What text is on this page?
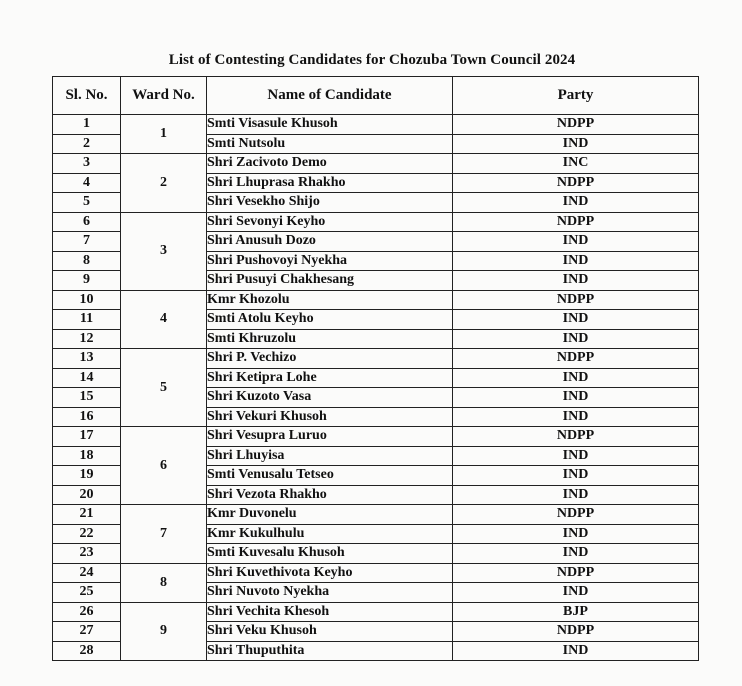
List of Contesting Candidates for Chozuba Town Council 2024
Sl. No.	Ward No.	Name of Candidate	Party
1	1	Smti Visasule Khusoh	NDPP
2		Smti Nutsolu	IND
3	2	Shri Zacivoto Demo	INC
4		Shri Lhuprasa Rhakho	NDPP
5		Shri Vesekho Shijo	IND
6	3	Shri Sevonyi Keyho	NDPP
7		Shri Anusuh Dozo	IND
8		Shri Pushovoyi Nyekha	IND
9		Shri Pusuyi Chakhesang	IND
10	4	Kmr Khozolu	NDPP
11		Smti Atolu Keyho	IND
12		Smti Khruzolu	IND
13	5	Shri P. Vechizo	NDPP
14		Shri Ketipra Lohe	IND
15		Shri Kuzoto Vasa	IND
16		Shri Vekuri Khusoh	IND
17	6	Shri Vesupra Luruo	NDPP
18		Shri Lhuyisa	IND
19		Smti Venusalu Tetseo	IND
20		Shri Vezota Rhakho	IND
21	7	Kmr Duvonelu	NDPP
22		Kmr Kukulhulu	IND
23		Smti Kuvesalu Khusoh	IND
24	8	Shri Kuvethivota Keyho	NDPP
25		Shri Nuvoto Nyekha	IND
26	9	Shri Vechita Khesoh	BJP
27		Shri Veku Khusoh	NDPP
28		Shri Thuputhita	IND
